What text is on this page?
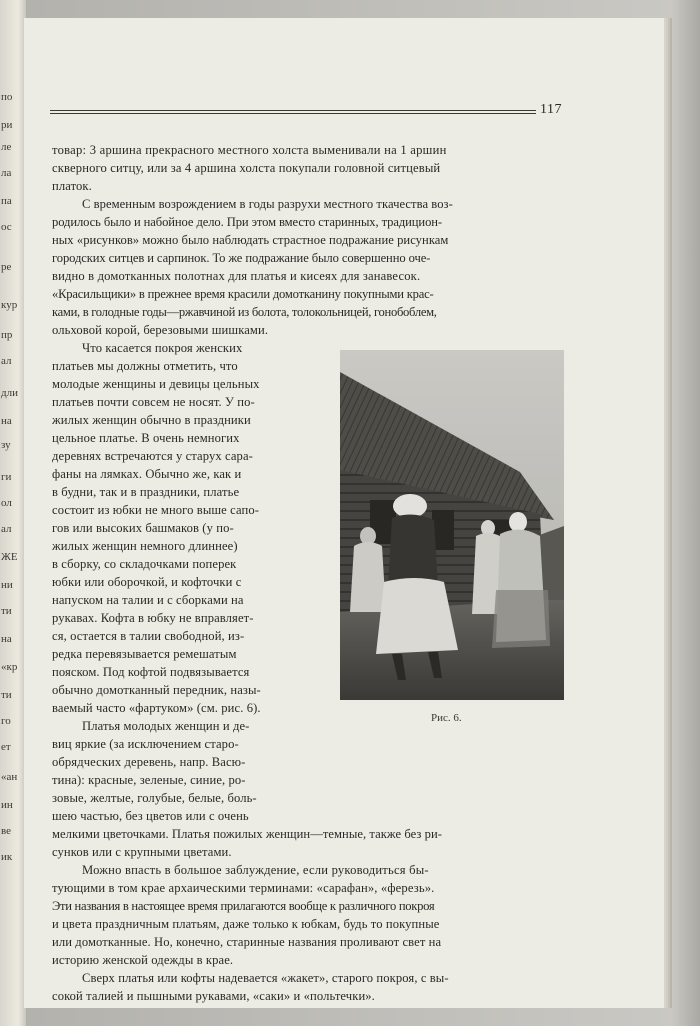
по
ри
ле
ла
па
ос
ре
кур
пр
ал
дли
на
зу
ги
ол
ал
ЖЕ
ни
ти
на
«кр
ти
го
ет
«ан
ин
ве
ик
117
товар: 3 аршина прекрасного местного холста выменивали на 1 аршин
скверного ситцу, или за 4 аршина холста покупали головной ситцевый
платок.
С временным возрождением в годы разрухи местного ткачества воз-
родилось было и набойное дело. При этом вместо старинных, традицион-
ных «рисунков» можно было наблюдать страстное подражание рисункам
городских ситцев и сарпинок. То же подражание было совершенно оче-
видно в домотканных полотнах для платья и кисеях для занавесок.
«Красильщики» в прежнее время красили домотканину покупными крас-
ками, в голодные годы—ржавчиной из болота, толокольницей, гонобоблем,
ольховой корой, березовыми шишками.
Что касается покроя женских
платьев мы должны отметить, что
молодые женщины и девицы цельных
платьев почти совсем не носят. У по-
жилых женщин обычно в праздники
цельное платье. В очень немногих
деревнях встречаются у старух сара-
фаны на лямках. Обычно же, как и
в будни, так и в праздники, платье
состоит из юбки не много выше сапо-
гов или высоких башмаков (у по-
жилых женщин немного длиннее)
в сборку, со складочками поперек
юбки или оборочкой, и кофточки с
напуском на талии и с сборками на
рукавах. Кофта в юбку не вправляет-
ся, остается в талии свободной, из-
редка перевязывается ремешатым
пояском. Под кофтой подвязывается
обычно домотканный передник, назы-
ваемый часто «фартуком» (см. рис. 6).
Платья молодых женщин и де-
виц яркие (за исключением старо-
обрядческих деревень, напр. Васю-
тина): красные, зеленые, синие, ро-
зовые, желтые, голубые, белые, боль-
шею частью, без цветов или с очень
мелкими цветочками. Платья пожилых женщин—темные, также без ри-
сунков или с крупными цветами.
Можно впасть в большое заблуждение, если руководиться бы-
тующими в том крае архаическими терминами: «сарафан», «ферезь».
Эти названия в настоящее время прилагаются вообще к различного покроя
и цвета праздничным платьям, даже только к юбкам, будь то покупные
или домотканные. Но, конечно, старинные названия проливают свет на
историю женской одежды в крае.
Сверх платья или кофты надевается «жакет», старого покроя, с вы-
сокой талией и пышными рукавами, «саки» и «польтечки».
Рис. 6.
